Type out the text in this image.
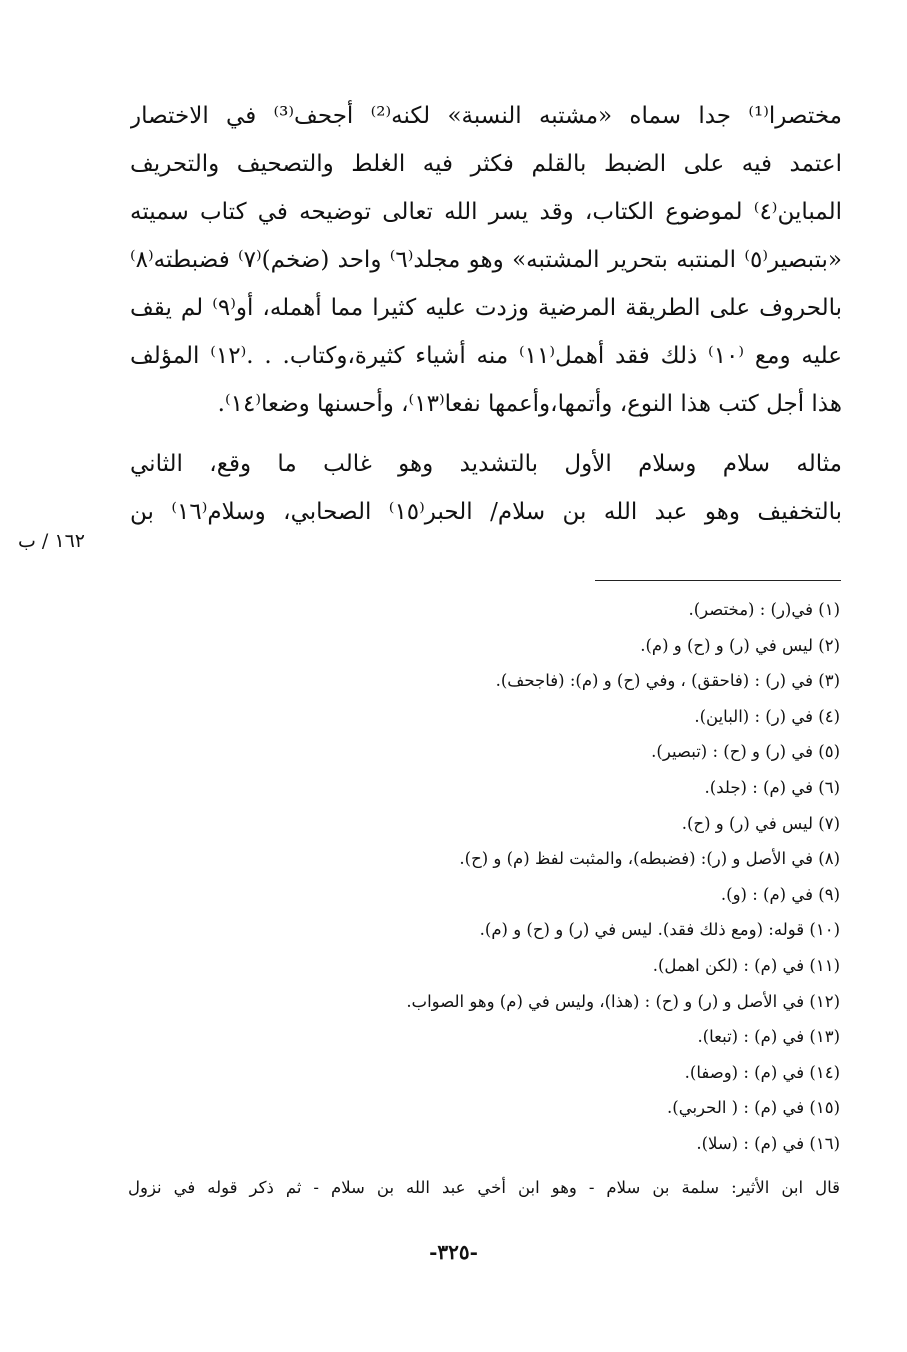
مختصرا⁽¹⁾ جدا سماه «مشتبه النسبة» لكنه⁽²⁾ أجحف⁽³⁾ في الاختصار
اعتمد فيه على الضبط بالقلم فكثر فيه الغلط والتصحيف والتحريف
المباين⁽٤⁾ لموضوع الكتاب، وقد يسر الله تعالى توضيحه في كتاب سميته
«بتبصير⁽٥⁾ المنتبه بتحرير المشتبه» وهو مجلد⁽٦⁾ واحد (ضخم)⁽٧⁾ فضبطته⁽٨⁾
بالحروف على الطريقة المرضية وزدت عليه كثيرا مما أهمله، أو⁽٩⁾ لم يقف
عليه ومع ⁽١٠⁾ ذلك فقد أهمل⁽١١⁾ منه أشياء كثيرة،وكتاب. . .⁽١٢⁾ المؤلف
هذا أجل كتب هذا النوع، وأتمها،وأعمها نفعا⁽١٣⁾، وأحسنها وضعا⁽١٤⁾.
مثاله سلام وسلام الأول بالتشديد وهو غالب ما وقع، الثاني
بالتخفيف وهو عبد الله بن سلام/ الحبر⁽١٥⁾ الصحابي، وسلام⁽١٦⁾ بن
١٦٢ / ب
(١) في(ر) : (مختصر).
(٢) ليس في (ر) و (ح) و (م).
(٣) في (ر) : (فاحقق) ، وفي (ح) و (م): (فاجحف).
(٤) في (ر) : (الباين).
(٥) في (ر) و (ح) : (تبصير).
(٦) في (م) : (جلد).
(٧) ليس في (ر) و (ح).
(٨) في الأصل و (ر): (فضبطه)، والمثبت لفظ (م) و (ح).
(٩) في (م) : (و).
(١٠) قوله: (ومع ذلك فقد). ليس في (ر) و (ح) و (م).
(١١) في (م) : (لكن اهمل).
(١٢) في الأصل و (ر) و (ح) : (هذا)، وليس في (م) وهو الصواب.
(١٣) في (م) : (تبعا).
(١٤) في (م) : (وصفا).
(١٥) في (م) : ( الحربي).
(١٦) في (م) : (سلا).
قال ابن الأثير: سلمة بن سلام - وهو ابن أخي عبد الله بن سلام - ثم ذكر قوله في نزول
-٣٢٥-
